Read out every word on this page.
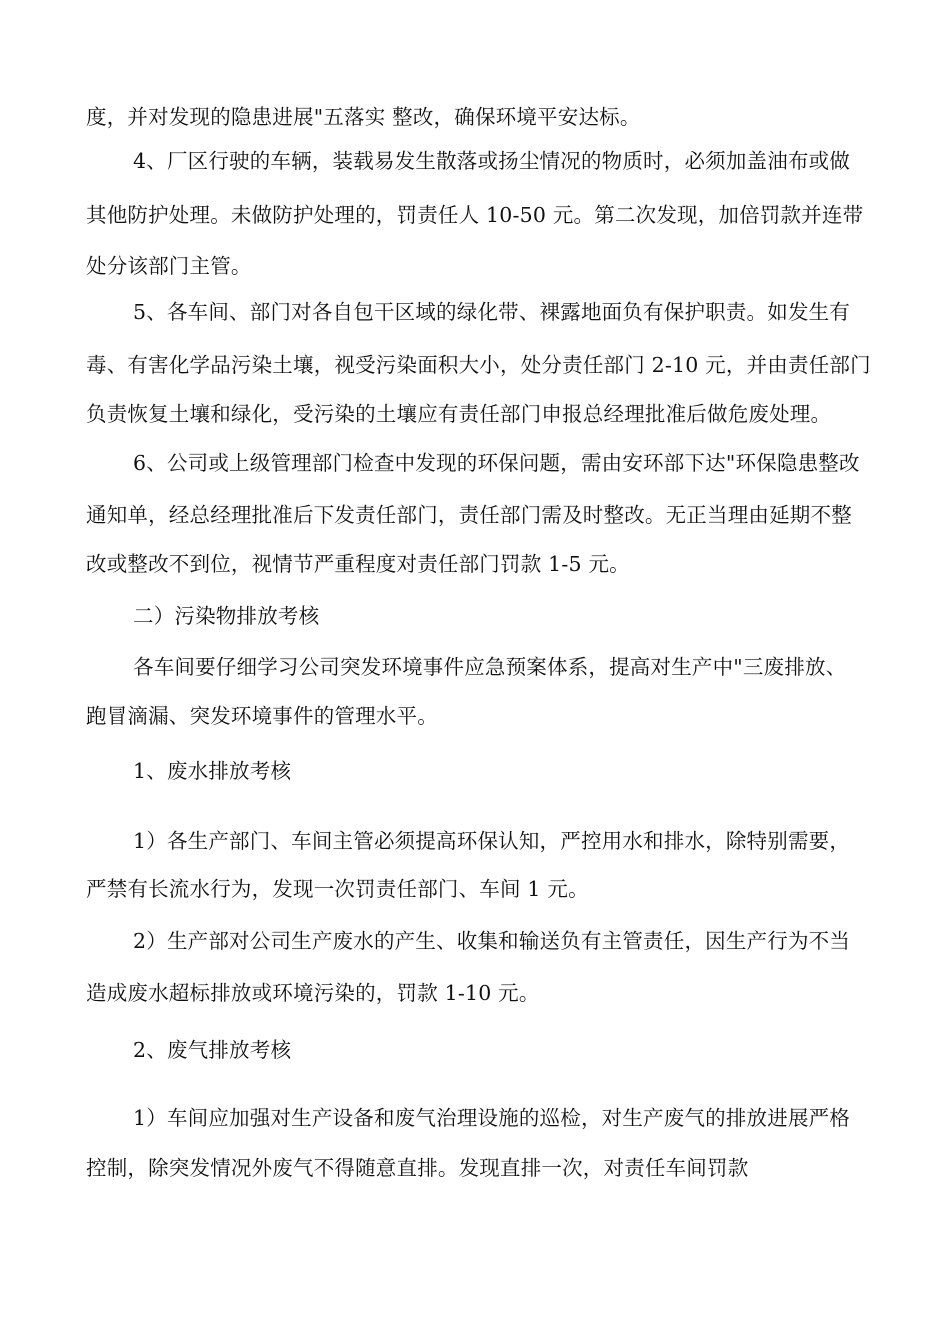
度，并对发现的隐患进展"五落实 整改，确保环境平安达标。
4、厂区行驶的车辆，装载易发生散落或扬尘情况的物质时，必须加盖油布或做
其他防护处理。未做防护处理的，罚责任人 10-50 元。第二次发现，加倍罚款并连带
处分该部门主管。
5、各车间、部门对各自包干区域的绿化带、裸露地面负有保护职责。如发生有
毒、有害化学品污染土壤，视受污染面积大小，处分责任部门 2-10 元，并由责任部门
负责恢复土壤和绿化，受污染的土壤应有责任部门申报总经理批准后做危废处理。
6、公司或上级管理部门检查中发现的环保问题，需由安环部下达"环保隐患整改
通知单，经总经理批准后下发责任部门，责任部门需及时整改。无正当理由延期不整
改或整改不到位，视情节严重程度对责任部门罚款 1-5 元。
二）污染物排放考核
各车间要仔细学习公司突发环境事件应急预案体系，提高对生产中"三废排放、
跑冒滴漏、突发环境事件的管理水平。
1、废水排放考核
1）各生产部门、车间主管必须提高环保认知，严控用水和排水，除特别需要，
严禁有长流水行为，发现一次罚责任部门、车间 1 元。
2）生产部对公司生产废水的产生、收集和输送负有主管责任，因生产行为不当
造成废水超标排放或环境污染的，罚款 1-10 元。
2、废气排放考核
1）车间应加强对生产设备和废气治理设施的巡检，对生产废气的排放进展严格
控制，除突发情况外废气不得随意直排。发现直排一次，对责任车间罚款
